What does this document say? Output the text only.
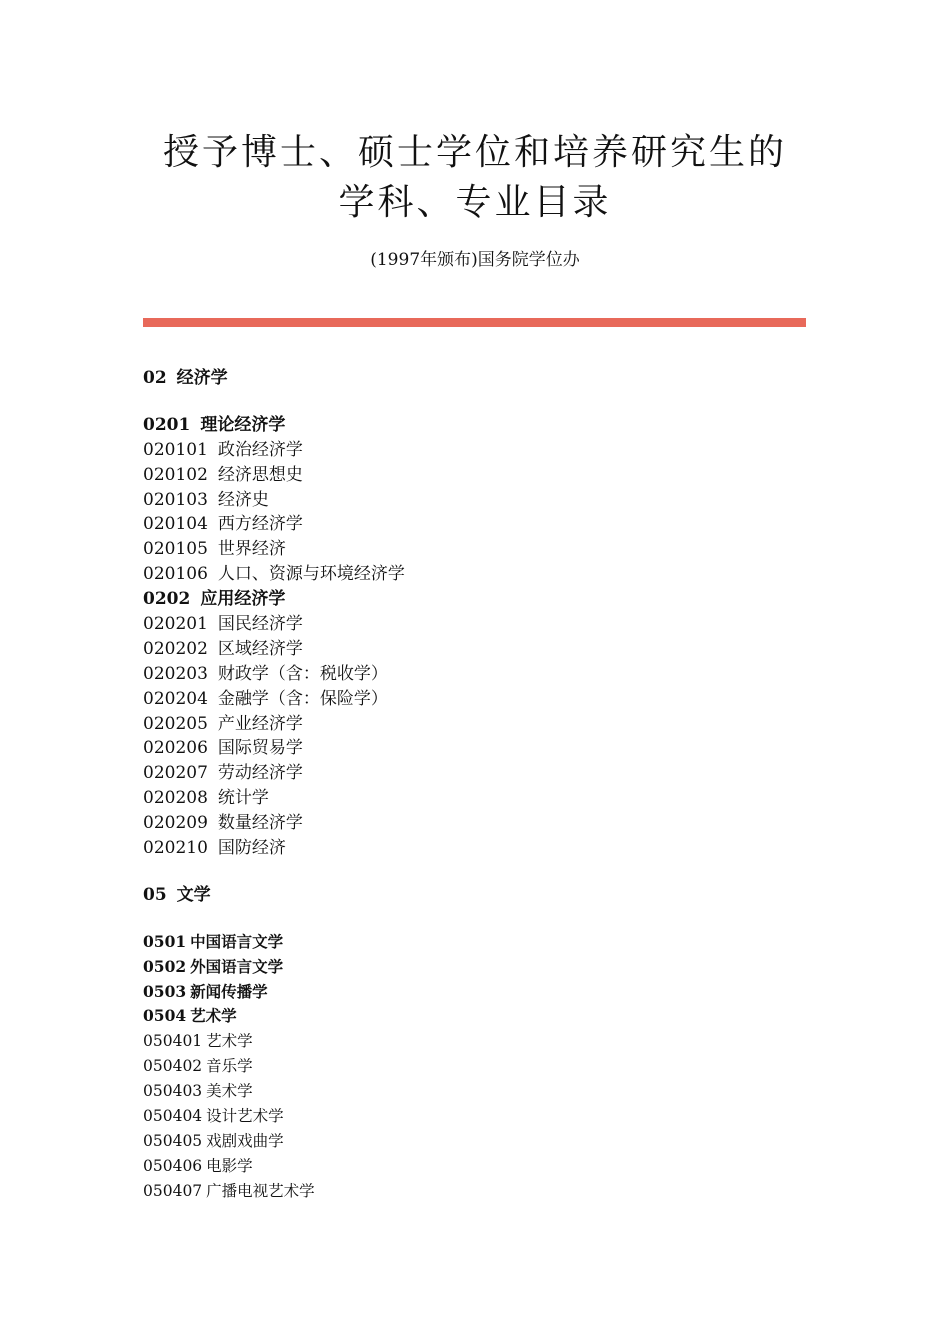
授予博士、硕士学位和培养研究生的
学科、专业目录
(1997年颁布)国务院学位办
02 经济学
0201 理论经济学
020101 政治经济学
020102 经济思想史
020103 经济史
020104 西方经济学
020105 世界经济
020106 人口、资源与环境经济学
0202 应用经济学
020201 国民经济学
020202 区域经济学
020203 财政学（含：税收学）
020204 金融学（含：保险学）
020205 产业经济学
020206 国际贸易学
020207 劳动经济学
020208 统计学
020209 数量经济学
020210 国防经济
05 文学
0501 中国语言文学
0502 外国语言文学
0503 新闻传播学
0504 艺术学
050401 艺术学
050402 音乐学
050403 美术学
050404 设计艺术学
050405 戏剧戏曲学
050406 电影学
050407 广播电视艺术学
